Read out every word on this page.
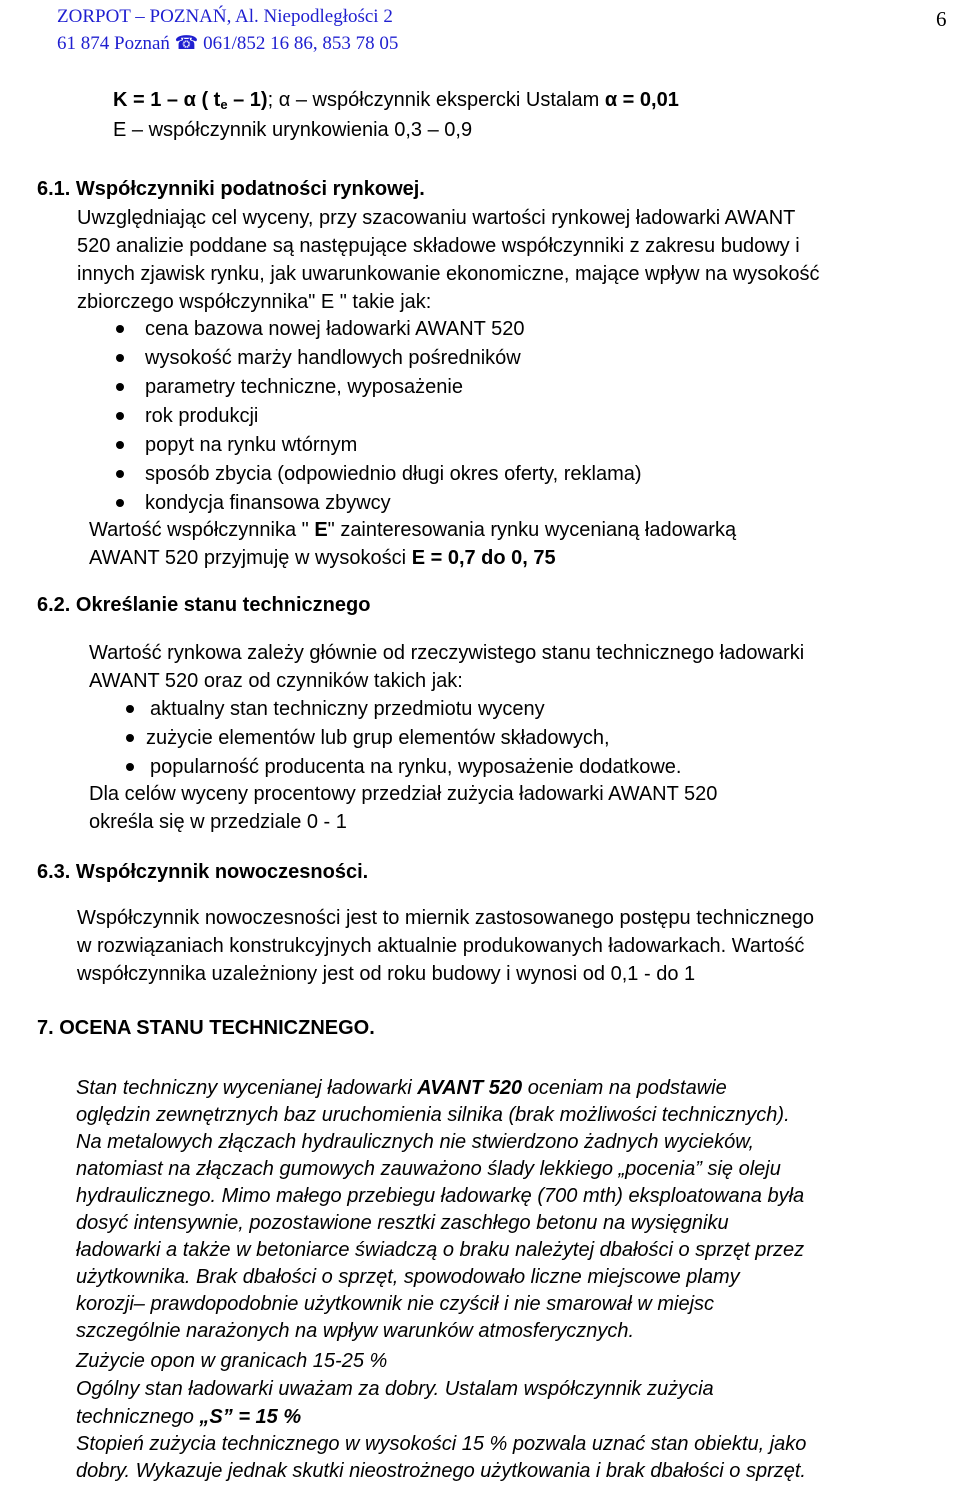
ZORPOT – POZNAŃ, Al. Niepodległości 2
61 874 Poznań ☎ 061/852 16 86, 853 78 05
6
K = 1 – α ( $t_e - 1$); α – współczynnik ekspercki Ustalam α = 0,01
E – współczynnik urynkowienia 0,3 – 0,9
6.1. Współczynniki podatności rynkowej.
Uwzględniając cel wyceny, przy szacowaniu wartości rynkowej ładowarki AWANT
520 analizie poddane są następujące składowe współczynniki z zakresu budowy i
innych zjawisk rynku, jak uwarunkowanie ekonomiczne, mające wpływ na wysokość
zbiorczego współczynnika" E " takie jak:
cena bazowa nowej ładowarki AWANT 520
wysokość marży handlowych pośredników
parametry techniczne, wyposażenie
rok produkcji
popyt na rynku wtórnym
sposób zbycia (odpowiednio długi okres oferty, reklama)
kondycja finansowa zbywcy
Wartość współczynnika " E" zainteresowania rynku wycenianą ładowarką
AWANT 520 przyjmuję w wysokości E = 0,7 do 0, 75
6.2. Określanie stanu technicznego
Wartość rynkowa zależy głównie od rzeczywistego stanu technicznego ładowarki
AWANT 520 oraz od czynników takich jak:
aktualny stan techniczny przedmiotu wyceny
zużycie elementów lub grup elementów składowych,
popularność producenta na rynku, wyposażenie dodatkowe.
Dla celów wyceny procentowy przedział zużycia ładowarki AWANT 520
określa się w przedziale 0 - 1
6.3. Współczynnik nowoczesności.
Współczynnik nowoczesności jest to miernik zastosowanego postępu technicznego
w rozwiązaniach konstrukcyjnych aktualnie produkowanych ładowarkach. Wartość
współczynnika uzależniony jest od roku budowy i wynosi od 0,1 - do 1
7. OCENA STANU TECHNICZNEGO.
Stan techniczny wycenianej ładowarki AVANT 520 oceniam na podstawie
oględzin zewnętrznych baz uruchomienia silnika (brak możliwości technicznych).
Na metalowych złączach hydraulicznych nie stwierdzono żadnych wycieków,
natomiast na złączach gumowych zauważono ślady lekkiego „pocenia” się oleju
hydraulicznego. Mimo małego przebiegu ładowarkę (700 mth) eksploatowana była
dosyć intensywnie, pozostawione resztki zaschłego betonu na wysięgniku
ładowarki a także w betoniarce świadczą o braku należytej dbałości o sprzęt przez
użytkownika. Brak dbałości o sprzęt, spowodowało liczne miejscowe plamy
korozji– prawdopodobnie użytkownik nie czyścił i nie smarował w miejsc
szczególnie narażonych na wpływ warunków atmosferycznych.
Zużycie opon w granicach 15-25 %
Ogólny stan ładowarki uważam za dobry. Ustalam współczynnik zużycia
technicznego „S” = 15 %
Stopień zużycia technicznego w wysokości 15 % pozwala uznać stan obiektu, jako
dobry. Wykazuje jednak skutki nieostrożnego użytkowania i brak dbałości o sprzęt.
